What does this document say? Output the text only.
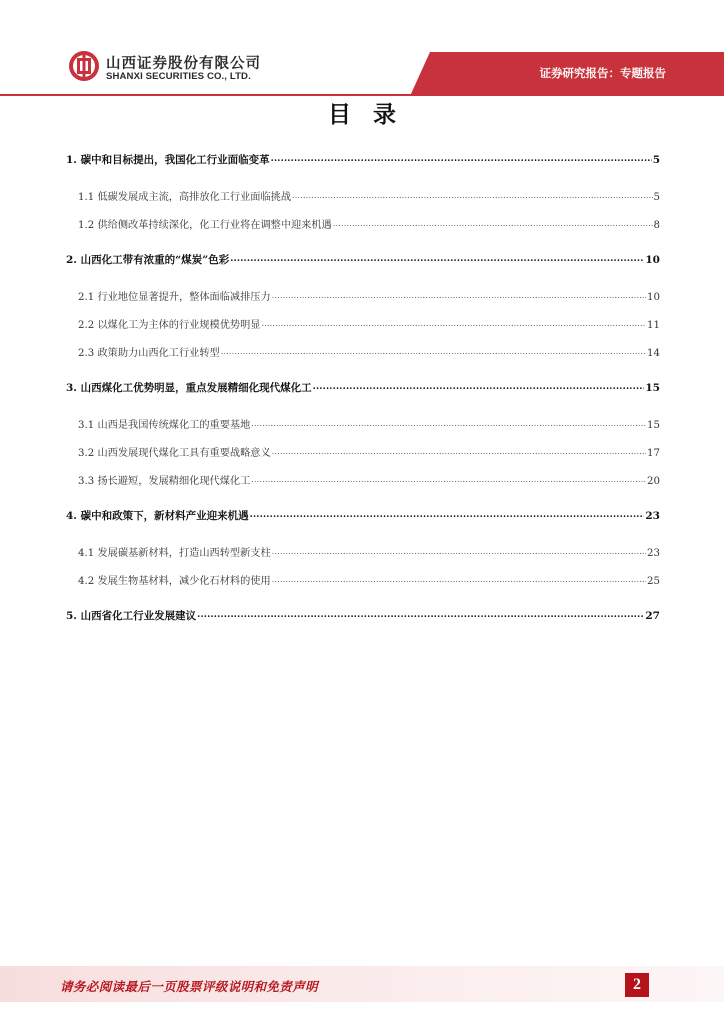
山西证券股份有限公司
SHANXI SECURITIES CO., LTD.	证券研究报告：专题报告
目录
1. 碳中和目标提出，我国化工行业面临变革 .....	5
1.1 低碳发展成主流，高排放化工行业面临挑战 .....	5
1.2 供给侧改革持续深化，化工行业将在调整中迎来机遇 .....	8
2. 山西化工带有浓重的“煤炭”色彩 .....	10
2.1 行业地位显著提升，整体面临减排压力 .....	10
2.2 以煤化工为主体的行业规模优势明显 .....	11
2.3 政策助力山西化工行业转型 .....	14
3. 山西煤化工优势明显，重点发展精细化现代煤化工 .....	15
3.1 山西是我国传统煤化工的重要基地 .....	15
3.2 山西发展现代煤化工具有重要战略意义 .....	17
3.3 扬长避短，发展精细化现代煤化工 .....	20
4. 碳中和政策下，新材料产业迎来机遇 .....	23
4.1 发展碳基新材料，打造山西转型新支柱 .....	23
4.2 发展生物基材料，减少化石材料的使用 .....	25
5. 山西省化工行业发展建议 .....	27
请务必阅读最后一页股票评级说明和免责声明	2
